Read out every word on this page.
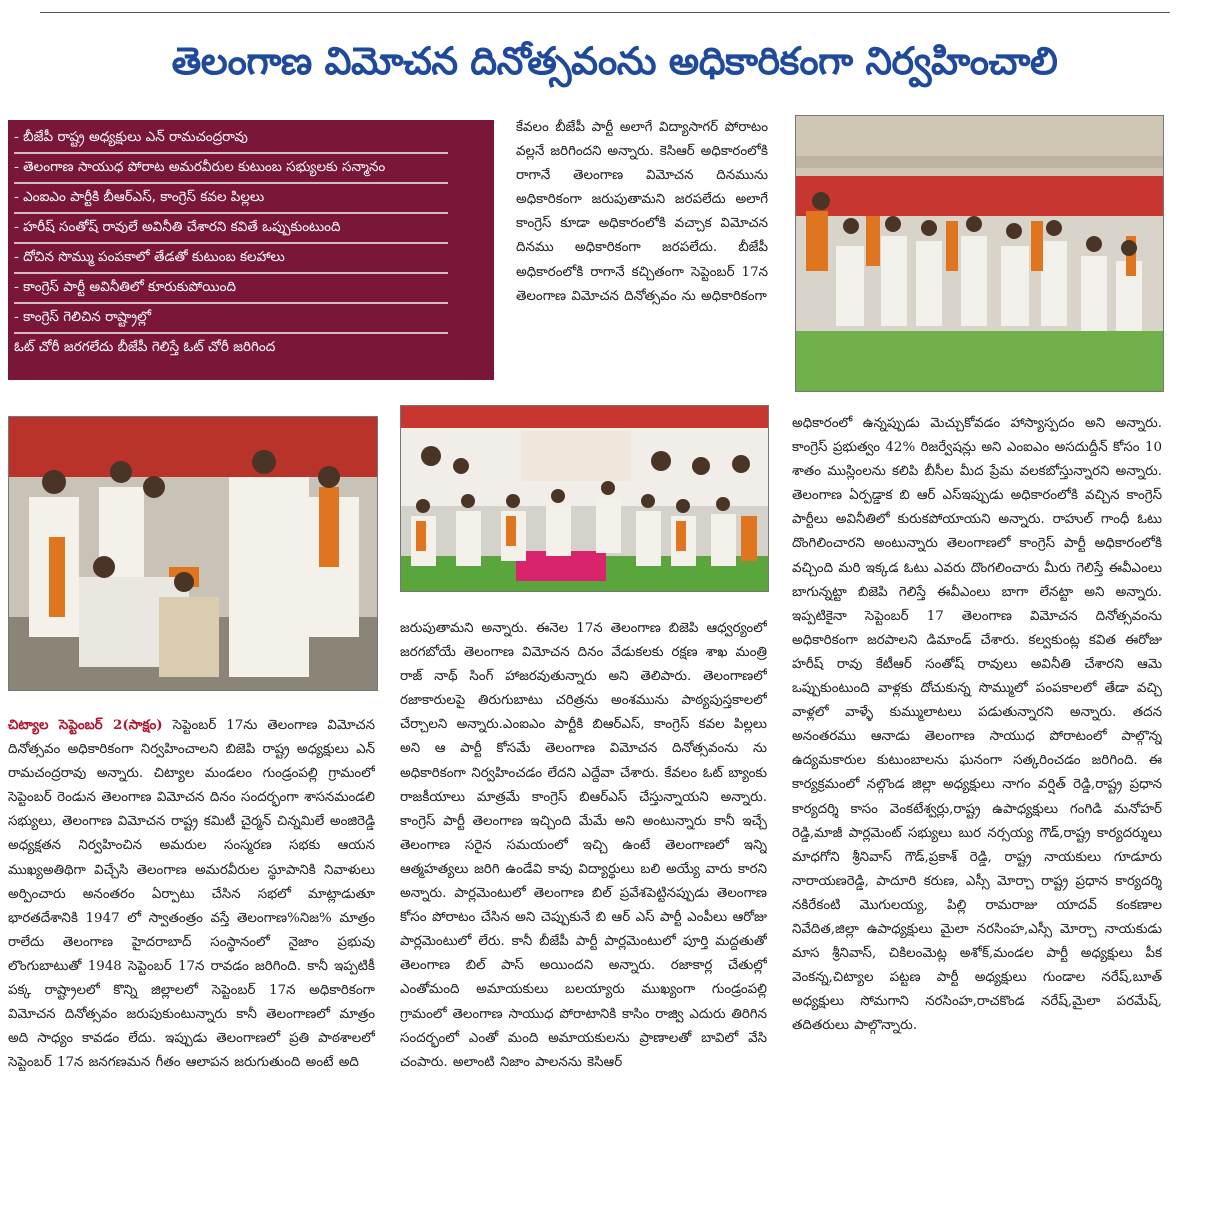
తెలంగాణ విమోచన దినోత్సవంను అధికారికంగా నిర్వహించాలి
- బీజేపీ రాష్ట్ర అధ్యక్షులు ఎన్ రామచంద్రరావు
- తెలంగాణ సాయుధ పోరాట అమరవీరుల కుటుంబ సభ్యులకు సన్మానం
- ఎంఐఎం పార్టీకి బీఆర్ఎస్, కాంగ్రెస్ కవల పిల్లలు
- హరీష్ సంతోష్ రావులే అవినీతి చేశారని కవితే ఒప్పుకుంటుంది
- దోచిన సొమ్ము పంపకాలో తేడతో కుటుంబ కలహాలు
- కాంగ్రెస్ పార్టీ అవినీతిలో కూరుకుపోయింది
- కాంగ్రెస్ గెలిచిన రాష్ట్రాల్లో
ఓట్ చోరీ జరగలేదు బీజేపీ గెలిస్తే ఓట్ చోరీ జరిగింద
కేవలం బీజేపీ పార్టీ అలాగే విద్యాసాగర్ పోరాటం వల్లనే జరిగిందని అన్నారు. కెసిఆర్ అధికారంలోకి రాగానే తెలంగాణ విమోచన దినమును అధికారికంగా జరుపుతామని జరపలేదు అలాగే కాంగ్రెస్ కూడా అధికారంలోకి వచ్చాక విమోచన దినము అధికారికంగా జరపలేదు. బీజేపీ అధికారంలోకి రాగానే కచ్చితంగా సెప్టెంబర్ 17న తెలంగాణ విమోచన దినోత్సవం ను అధికారికంగా
చిట్యాల సెప్టెంబర్ 2(సాక్షం) సెప్టెంబర్ 17ను తెలంగాణ విమోచన దినోత్సవం అధికారికంగా నిర్వహించాలని బిజెపి రాష్ట్ర అధ్యక్షులు ఎన్ రామచంద్రరావు అన్నారు. చిట్యాల మండలం గుండ్రంపల్లి గ్రామంలో సెప్టెంబర్ రెండున తెలంగాణ విమోచన దినం సందర్భంగా శాసనమండలి సభ్యులు, తెలంగాణ విమోచన రాష్ట్ర కమిటీ చైర్మన్ చిన్నమిలే అంజిరెడ్డి అధ్యక్షతన నిర్వహించిన అమరుల సంస్మరణ సభకు ఆయన ముఖ్యఅతిథిగా విచ్చేసి తెలంగాణ అమరవీరుల స్థూపానికి నివాళులు అర్పించారు అనంతరం ఏర్పాటు చేసిన సభలో మాట్లాడుతూ భారతదేశానికి 1947 లో స్వాతంత్రం వస్తే తెలంగాణ%నిజ% మాత్రం రాలేదు తెలంగాణ హైదరాబాద్ సంస్థానంలో నైజాం ప్రభువు లొంగుబాటుతో 1948 సెప్టెంబర్ 17న రావడం జరిగింది. కానీ ఇప్పటికీ పక్క రాష్ట్రాలలో కొన్ని జిల్లాలలో సెప్టెంబర్ 17న అధికారికంగా విమోచన దినోత్సవం జరుపుకుంటున్నారు కానీ తెలంగాణలో మాత్రం అది సాధ్యం కావడం లేదు. ఇప్పుడు తెలంగాణలో ప్రతి పాఠశాలలో సెప్టెంబర్ 17న జనగణమన గీతం ఆలాపన జరుగుతుంది అంటే అది
జరుపుతామని అన్నారు. ఈనెల 17న తెలంగాణ బిజెపి ఆధ్వర్యంలో జరగబోయే తెలంగాణ విమోచన దినం వేడుకలకు రక్షణ శాఖ మంత్రి రాజ్ నాథ్ సింగ్ హాజరవుతున్నారు అని తెలిపారు. తెలంగాణలో రజాకారులపై తిరుగుబాటు చరిత్రను అంశమును పాఠ్యపుస్తకాలలో చేర్చాలని అన్నారు.ఎంఐఎం పార్టీకి బిఆర్ఎస్, కాంగ్రెస్ కవల పిల్లలు అని ఆ పార్టీ కోసమే తెలంగాణ విమోచన దినోత్సవంను ను అధికారికంగా నిర్వహించడం లేదని ఎద్దేవా చేశారు. కేవలం ఓట్ బ్యాంకు రాజకీయాలు మాత్రమే కాంగ్రెస్ బిఆర్ఎస్ చేస్తున్నాయని అన్నారు. కాంగ్రెస్ పార్టీ తెలంగాణ ఇచ్చింది మేమే అని అంటున్నారు కానీ ఇచ్చే తెలంగాణ సరైన సమయంలో ఇచ్చి ఉంటే తెలంగాణలో ఇన్ని ఆత్మహత్యలు జరిగి ఉండేవి కావు విద్యార్థులు బలి అయ్యే వారు కారని అన్నారు. పార్లమెంటులో తెలంగాణ బిల్ ప్రవేశపెట్టినప్పుడు తెలంగాణ కోసం పోరాటం చేసిన అని చెప్పుకునే బి ఆర్ ఎస్ పార్టీ ఎంపీలు ఆరోజు పార్లమెంటులో లేరు. కానీ బీజేపీ పార్టీ పార్లమెంటులో పూర్తి మద్దతుతో తెలంగాణ బిల్ పాస్ అయిందని అన్నారు. రజాకార్ల చేతుల్లో ఎంతోమంది అమాయకులు బలయ్యారు ముఖ్యంగా గుండ్రంపల్లి గ్రామంలో తెలంగాణ సాయుధ పోరాటానికి కాసిం రాజ్వి ఎదురు తిరిగిన సందర్భంలో ఎంతో మంది అమాయకులను ప్రాణాలతో బావిలో వేసి చంపారు. అలాంటి నిజాం పాలనను కెసిఆర్
అధికారంలో ఉన్నప్పుడు మెచ్చుకోవడం హాస్యాస్పదం అని అన్నారు. కాంగ్రెస్ ప్రభుత్వం 42% రిజర్వేషన్లు అని ఎంఐఎం అసదుద్దీన్ కోసం 10 శాతం ముస్లింలను కలిపి బీసీల మీద ప్రేమ వలకబోస్తున్నారని అన్నారు. తెలంగాణ ఏర్పడ్డాక బి ఆర్ ఎస్ఇప్పుడు అధికారంలోకి వచ్చిన కాంగ్రెస్ పార్టీలు అవినీతిలో కురుకపోయాయని అన్నారు. రాహుల్ గాంధీ ఓటు దొంగిలించారని అంటున్నారు తెలంగాణలో కాంగ్రెస్ పార్టీ అధికారంలోకి వచ్చింది మరి ఇక్కడ ఓటు ఎవరు దొంగలించారు మీరు గెలిస్తే ఈవీఎంలు బాగున్నట్టా బిజెపి గెలిస్తే ఈవీఎంలు బాగా లేనట్టా అని అన్నారు. ఇప్పటికైనా సెప్టెంబర్ 17 తెలంగాణ విమోచన దినోత్సవంను అధికారికంగా జరపాలని డిమాండ్ చేశారు. కల్వకుంట్ల కవిత ఈరోజు హరీష్ రావు కేటీఆర్ సంతోష్ రావులు అవినీతి చేశారని ఆమె ఒప్పుకుంటుంది వాళ్లకు దోచుకున్న సొమ్ములో పంపకాలలో తేడా వచ్చి వాళ్లలో వాళ్ళే కుమ్ములాటలు పడుతున్నారని అన్నారు. తదన అనంతరము ఆనాడు తెలంగాణ సాయుధ పోరాటంలో పాల్గొన్న ఉద్యమకారుల కుటుంబాలను ఘనంగా సత్కరించడం జరిగింది. ఈ కార్యక్రమంలో నల్గొండ జిల్లా అధ్యక్షులు నాగం వర్షిత్ రెడ్డి,రాష్ట్ర ప్రధాన కార్యదర్శి కాసం వెంకటేశ్వర్లు,రాష్ట్ర ఉపాధ్యక్షులు గంగిడి మనోహర్ రెడ్డి,మాజీ పార్లమెంట్ సభ్యులు బుర నర్సయ్య గౌడ్,రాష్ట్ర కార్యదర్శులు మాధగోని శ్రీనివాస్ గౌడ్,ప్రకాశ్ రెడ్డి, రాష్ట్ర నాయకులు గూడూరు నారాయణరెడ్డి, పాదూరి కరుణ, ఎస్సీ మోర్చా రాష్ట్ర ప్రధాన కార్యదర్శి నకిరేకంటి మొగులయ్య, పిల్లి రామరాజు యాదవ్ కంకణాల నివేదిత,జిల్లా ఉపాధ్యక్షులు మైలా నరసింహ,ఎస్సీ మోర్చా నాయకుడు మాస శ్రీనివాస్, చికిలంమెట్ల అశోక్,మండల పార్టీ అధ్యక్షులు పీక వెంకన్న,చిట్యాల పట్టణ పార్టీ అధ్యక్షులు గుండాల నరేష్,బూత్ అధ్యక్షులు సోమగాని నరసింహ,రాచకొండ నరేష్,మైలా పరమేష్, తదితరులు పాల్గొన్నారు.
